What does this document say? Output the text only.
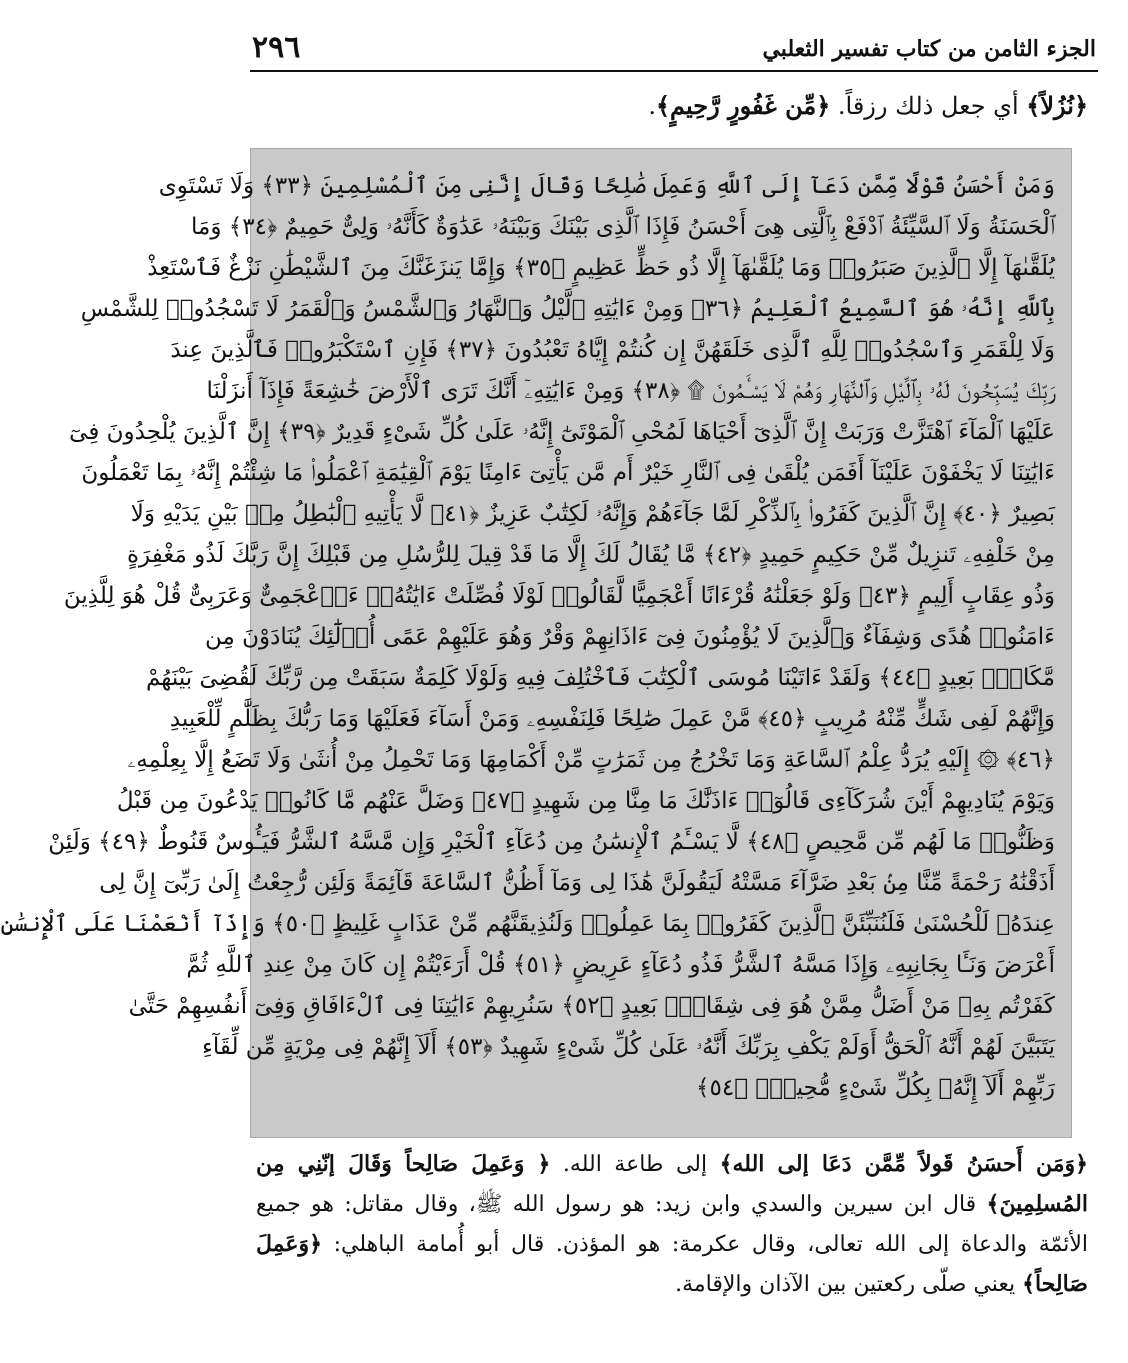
الجزء الثامن من كتاب تفسير الثعلبي
٢٩٦
﴿نُزُلاً﴾ أي جعل ذلك رزقاً. ﴿مِّن غَفُورٍ رَّحِيمٍ﴾.
وَمَنْ أَحْسَنُ قَوْلًا مِّمَّن دَعَآ إِلَى ٱللَّهِ وَعَمِلَ صَٰلِحًا وَقَالَ إِنَّنِى مِنَ ٱلْمُسْلِمِينَ ﴿٣٣﴾ وَلَا تَسْتَوِى
ٱلْحَسَنَةُ وَلَا ٱلسَّيِّئَةُ ٱدْفَعْ بِٱلَّتِى هِىَ أَحْسَنُ فَإِذَا ٱلَّذِى بَيْنَكَ وَبَيْنَهُۥ عَدَٰوَةٌ كَأَنَّهُۥ وَلِىٌّ حَمِيمٌ ﴿٣٤﴾ وَمَا
يُلَقَّىٰهَآ إِلَّا ٱلَّذِينَ صَبَرُوا۟ وَمَا يُلَقَّىٰهَآ إِلَّا ذُو حَظٍّ عَظِيمٍ ﴿٣٥﴾ وَإِمَّا يَنزَغَنَّكَ مِنَ ٱلشَّيْطَٰنِ نَزْغٌ فَٱسْتَعِذْ
بِٱللَّهِ إِنَّهُۥ هُوَ ٱلسَّمِيعُ ٱلْعَلِيمُ ﴿٣٦﴾ وَمِنْ ءَايَٰتِهِ ٱلَّيْلُ وَٱلنَّهَارُ وَٱلشَّمْسُ وَٱلْقَمَرُ لَا تَسْجُدُوا۟ لِلشَّمْسِ
وَلَا لِلْقَمَرِ وَٱسْجُدُوا۟ لِلَّهِ ٱلَّذِى خَلَقَهُنَّ إِن كُنتُمْ إِيَّاهُ تَعْبُدُونَ ﴿٣٧﴾ فَإِنِ ٱسْتَكْبَرُوا۟ فَٱلَّذِينَ عِندَ
رَبِّكَ يُسَبِّحُونَ لَهُۥ بِٱلَّيْلِ وَٱلنَّهَارِ وَهُمْ لَا يَسْـَٔمُونَ ۩ ﴿٣٨﴾ وَمِنْ ءَايَٰتِهِۦٓ أَنَّكَ تَرَى ٱلْأَرْضَ خَٰشِعَةً فَإِذَآ أَنزَلْنَا
عَلَيْهَا ٱلْمَآءَ ٱهْتَزَّتْ وَرَبَتْ إِنَّ ٱلَّذِىٓ أَحْيَاهَا لَمُحْىِ ٱلْمَوْتَىٰٓ إِنَّهُۥ عَلَىٰ كُلِّ شَىْءٍ قَدِيرٌ ﴿٣٩﴾ إِنَّ ٱلَّذِينَ يُلْحِدُونَ فِىٓ
ءَايَٰتِنَا لَا يَخْفَوْنَ عَلَيْنَآ أَفَمَن يُلْقَىٰ فِى ٱلنَّارِ خَيْرٌ أَم مَّن يَأْتِىٓ ءَامِنًا يَوْمَ ٱلْقِيَٰمَةِ ٱعْمَلُوا۟ مَا شِئْتُمْ إِنَّهُۥ بِمَا تَعْمَلُونَ
بَصِيرٌ ﴿٤٠﴾ إِنَّ ٱلَّذِينَ كَفَرُوا۟ بِٱلذِّكْرِ لَمَّا جَآءَهُمْ وَإِنَّهُۥ لَكِتَٰبٌ عَزِيزٌ ﴿٤١﴾ لَّا يَأْتِيهِ ٱلْبَٰطِلُ مِنۢ بَيْنِ يَدَيْهِ وَلَا
مِنْ خَلْفِهِۦ تَنزِيلٌ مِّنْ حَكِيمٍ حَمِيدٍ ﴿٤٢﴾ مَّا يُقَالُ لَكَ إِلَّا مَا قَدْ قِيلَ لِلرُّسُلِ مِن قَبْلِكَ إِنَّ رَبَّكَ لَذُو مَغْفِرَةٍ
وَذُو عِقَابٍ أَلِيمٍ ﴿٤٣﴾ وَلَوْ جَعَلْنَٰهُ قُرْءَانًا أَعْجَمِيًّا لَّقَالُوا۟ لَوْلَا فُصِّلَتْ ءَايَٰتُهُۥٓ ءَا۬عْجَمِىٌّ وَعَرَبِىٌّ قُلْ هُوَ لِلَّذِينَ
ءَامَنُوا۟ هُدًى وَشِفَآءٌ وَٱلَّذِينَ لَا يُؤْمِنُونَ فِىٓ ءَاذَانِهِمْ وَقْرٌ وَهُوَ عَلَيْهِمْ عَمًى أُو۟لَٰٓئِكَ يُنَادَوْنَ مِن
مَّكَانٍۭ بَعِيدٍ ﴿٤٤﴾ وَلَقَدْ ءَاتَيْنَا مُوسَى ٱلْكِتَٰبَ فَٱخْتُلِفَ فِيهِ وَلَوْلَا كَلِمَةٌ سَبَقَتْ مِن رَّبِّكَ لَقُضِىَ بَيْنَهُمْ
وَإِنَّهُمْ لَفِى شَكٍّ مِّنْهُ مُرِيبٍ ﴿٤٥﴾ مَّنْ عَمِلَ صَٰلِحًا فَلِنَفْسِهِۦ وَمَنْ أَسَآءَ فَعَلَيْهَا وَمَا رَبُّكَ بِظَلَّٰمٍ لِّلْعَبِيدِ
﴿٤٦﴾ ۞ إِلَيْهِ يُرَدُّ عِلْمُ ٱلسَّاعَةِ وَمَا تَخْرُجُ مِن ثَمَرَٰتٍ مِّنْ أَكْمَامِهَا وَمَا تَحْمِلُ مِنْ أُنثَىٰ وَلَا تَضَعُ إِلَّا بِعِلْمِهِۦ
وَيَوْمَ يُنَادِيهِمْ أَيْنَ شُرَكَآءِى قَالُوٓا۟ ءَاذَنَّٰكَ مَا مِنَّا مِن شَهِيدٍ ﴿٤٧﴾ وَضَلَّ عَنْهُم مَّا كَانُوا۟ يَدْعُونَ مِن قَبْلُ
وَظَنُّوا۟ مَا لَهُم مِّن مَّحِيصٍ ﴿٤٨﴾ لَّا يَسْـَٔمُ ٱلْإِنسَٰنُ مِن دُعَآءِ ٱلْخَيْرِ وَإِن مَّسَّهُ ٱلشَّرُّ فَيَـُٔوسٌ قَنُوطٌ ﴿٤٩﴾ وَلَئِنْ
أَذَقْنَٰهُ رَحْمَةً مِّنَّا مِنۢ بَعْدِ ضَرَّآءَ مَسَّتْهُ لَيَقُولَنَّ هَٰذَا لِى وَمَآ أَظُنُّ ٱلسَّاعَةَ قَآئِمَةً وَلَئِن رُّجِعْتُ إِلَىٰ رَبِّىٓ إِنَّ لِى
عِندَهُۥ لَلْحُسْنَىٰ فَلَنُنَبِّئَنَّ ٱلَّذِينَ كَفَرُوا۟ بِمَا عَمِلُوا۟ وَلَنُذِيقَنَّهُم مِّنْ عَذَابٍ غَلِيظٍ ﴿٥٠﴾ وَإِذَآ أَنْعَمْنَا عَلَى ٱلْإِنسَٰنِ
أَعْرَضَ وَنَـَٔا بِجَانِبِهِۦ وَإِذَا مَسَّهُ ٱلشَّرُّ فَذُو دُعَآءٍ عَرِيضٍ ﴿٥١﴾ قُلْ أَرَءَيْتُمْ إِن كَانَ مِنْ عِندِ ٱللَّهِ ثُمَّ
كَفَرْتُم بِهِۦ مَنْ أَضَلُّ مِمَّنْ هُوَ فِى شِقَاقٍۭ بَعِيدٍ ﴿٥٢﴾ سَنُرِيهِمْ ءَايَٰتِنَا فِى ٱلْءَافَاقِ وَفِىٓ أَنفُسِهِمْ حَتَّىٰ
يَتَبَيَّنَ لَهُمْ أَنَّهُ ٱلْحَقُّ أَوَلَمْ يَكْفِ بِرَبِّكَ أَنَّهُۥ عَلَىٰ كُلِّ شَىْءٍ شَهِيدٌ ﴿٥٣﴾ أَلَآ إِنَّهُمْ فِى مِرْيَةٍ مِّن لِّقَآءِ
رَبِّهِمْ أَلَآ إِنَّهُۥ بِكُلِّ شَىْءٍ مُّحِيطٌۢ ﴿٥٤﴾
﴿وَمَن أَحسَنُ قَولاً مِّمَّن دَعَا إلى الله﴾ إلى طاعة الله. ﴿ وَعَمِلَ صَالِحاً وَقَالَ إنّنِي مِن
المُسلِمِينَ﴾ قال ابن سيرين والسدي وابن زيد: هو رسول الله ﷺ، وقال مقاتل: هو جميع
الأئمّة والدعاة إلى الله تعالى، وقال عكرمة: هو المؤذن. قال أبو أُمامة الباهلي: ﴿وَعَمِلَ
صَالِحاً﴾ يعني صلّى ركعتين بين الآذان والإقامة.
